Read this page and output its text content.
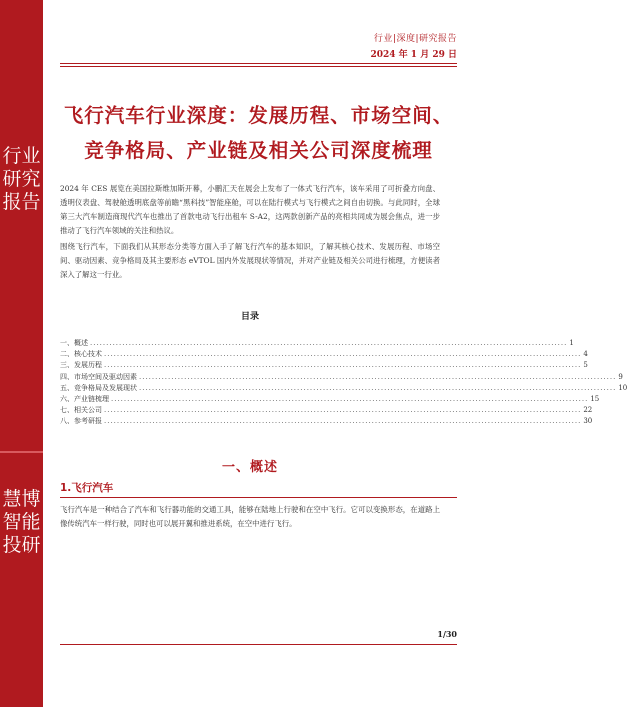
行业研究报告
慧博智能投研
行业|深度|研究报告
2024 年 1 月 29 日
飞行汽车行业深度：发展历程、市场空间、
竞争格局、产业链及相关公司深度梳理

2024 年 CES 展览在美国拉斯维加斯开幕，小鹏汇天在展会上发布了一体式飞行汽车，该车采用了可折叠方向盘、透明仪表盘、驾驶舱透明底盘等前瞻“黑科技”智能座舱，可以在陆行模式与飞行模式之间自由切换。与此同时，全球第三大汽车制造商现代汽车也推出了首款电动飞行出租车 S-A2，这两款创新产品的亮相共同成为展会焦点，进一步推动了飞行汽车领域的关注和热议。

围绕飞行汽车，下面我们从其形态分类等方面入手了解飞行汽车的基本知识，了解其核心技术、发展历程、市场空间、驱动因素、竞争格局及其主要形态 eVTOL 国内外发展现状等情况，并对产业链及相关公司进行梳理，方便读者深入了解这一行业。

目录
一、概述 .................................................................................................................................................... 1
二、核心技术 .................................................................................................................................................... 4
三、发展历程 .................................................................................................................................................... 5
四、市场空间及驱动因素 .................................................................................................................................................... 9
五、竞争格局及发展现状 .................................................................................................................................................... 10
六、产业链梳理 .................................................................................................................................................... 15
七、相关公司 .................................................................................................................................................... 22
八、参考研报 .................................................................................................................................................... 30
一、概述
1.飞行汽车

飞行汽车是一种结合了汽车和飞行器功能的交通工具，能够在陆地上行驶和在空中飞行。它可以变换形态，在道路上像传统汽车一样行驶，同时也可以展开翼和推进系统，在空中进行飞行。

1/30
